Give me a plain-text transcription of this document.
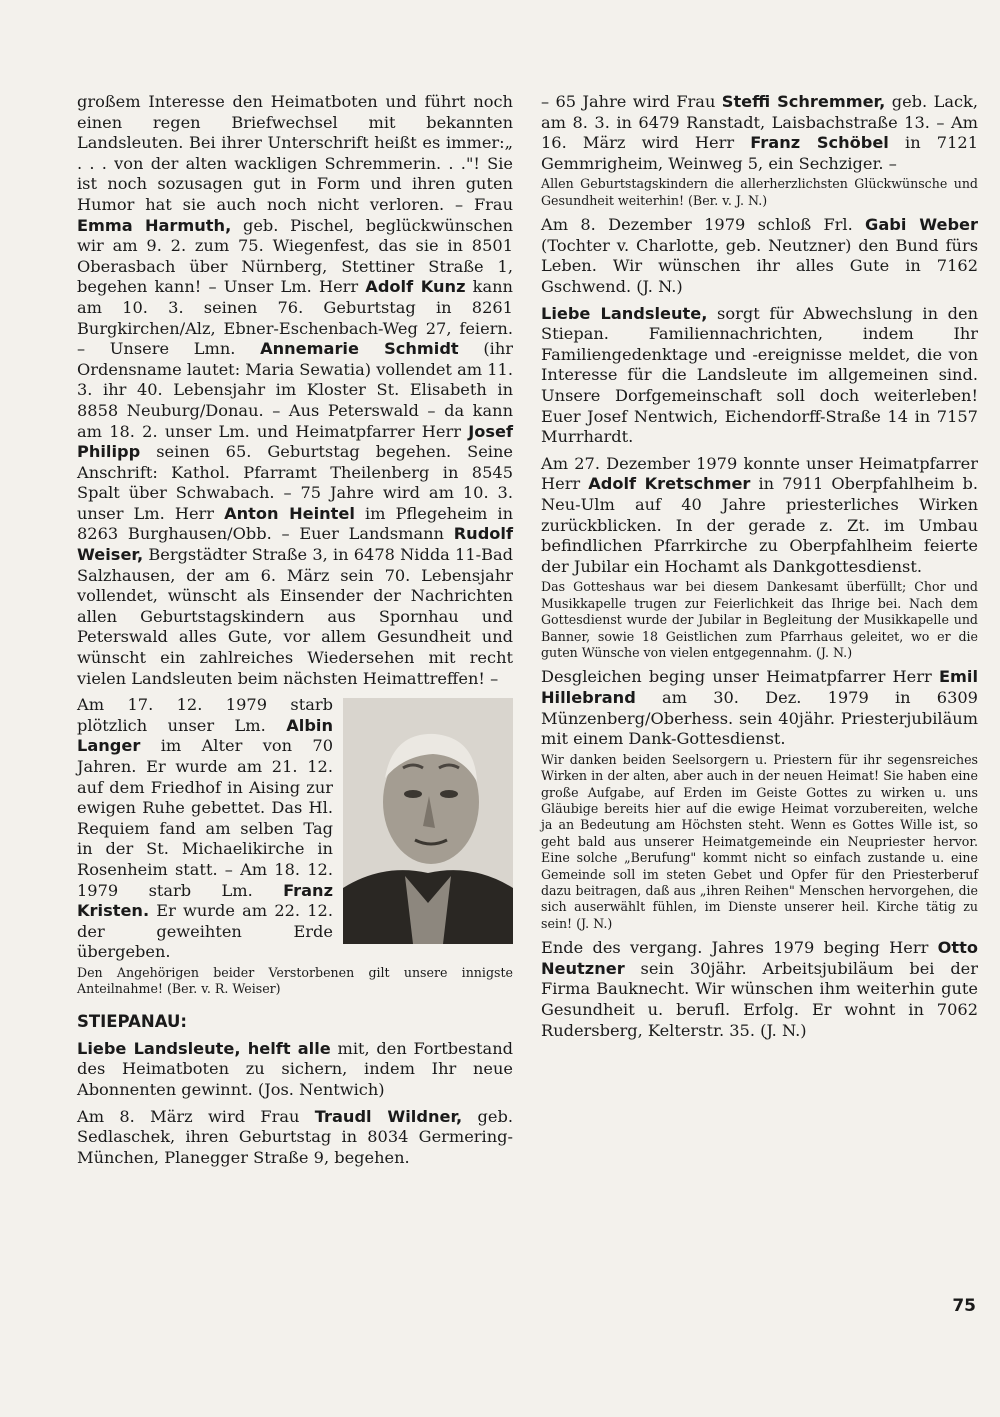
großem Interesse den Heimatboten und führt noch einen regen Briefwechsel mit bekannten Landsleuten. Bei ihrer Unterschrift heißt es immer:„ . . . von der alten wackligen Schremmerin. . ."! Sie ist noch sozusagen gut in Form und ihren guten Humor hat sie auch noch nicht verloren. – Frau Emma Harmuth, geb. Pischel, beglückwünschen wir am 9. 2. zum 75. Wiegenfest, das sie in 8501 Oberasbach über Nürnberg, Stettiner Straße 1, begehen kann! – Unser Lm. Herr Adolf Kunz kann am 10. 3. seinen 76. Geburtstag in 8261 Burgkirchen/Alz, Ebner-Eschenbach-Weg 27, feiern. – Unsere Lmn. Annemarie Schmidt (ihr Ordensname lautet: Maria Sewatia) vollendet am 11. 3. ihr 40. Lebensjahr im Kloster St. Elisabeth in 8858 Neuburg/Donau. – Aus Peterswald – da kann am 18. 2. unser Lm. und Heimatpfarrer Herr Josef Philipp seinen 65. Geburtstag begehen. Seine Anschrift: Kathol. Pfarramt Theilenberg in 8545 Spalt über Schwabach. – 75 Jahre wird am 10. 3. unser Lm. Herr Anton Heintel im Pflegeheim in 8263 Burghausen/Obb. – Euer Landsmann Rudolf Weiser, Bergstädter Straße 3, in 6478 Nidda 11-Bad Salzhausen, der am 6. März sein 70. Lebensjahr vollendet, wünscht als Einsender der Nachrichten allen Geburtstagskindern aus Spornhau und Peterswald alles Gute, vor allem Gesundheit und wünscht ein zahlreiches Wiedersehen mit recht vielen Landsleuten beim nächsten Heimattreffen! –

Am 17. 12. 1979 starb plötzlich unser Lm. Albin Langer im Alter von 70 Jahren. Er wurde am 21. 12. auf dem Friedhof in Aising zur ewigen Ruhe gebettet. Das Hl. Requiem fand am selben Tag in der St. Michaelikirche in Rosenheim statt. – Am 18. 12. 1979 starb Lm. Franz Kristen. Er wurde am 22. 12. der geweihten Erde übergeben.

Den Angehörigen beider Verstorbenen gilt unsere innigste Anteilnahme! (Ber. v. R. Weiser)

STIEPANAU:

Liebe Landsleute, helft alle mit, den Fortbestand des Heimatboten zu sichern, indem Ihr neue Abonnenten gewinnt. (Jos. Nentwich)

Am 8. März wird Frau Traudl Wildner, geb. Sedlaschek, ihren Geburtstag in 8034 Germering-München, Planegger Straße 9, begehen.

– 65 Jahre wird Frau Steffi Schremmer, geb. Lack, am 8. 3. in 6479 Ranstadt, Laisbachstraße 13. – Am 16. März wird Herr Franz Schöbel in 7121 Gemmrigheim, Weinweg 5, ein Sechziger. –

Allen Geburtstagskindern die allerherzlichsten Glückwünsche und Gesundheit weiterhin! (Ber. v. J. N.)

Am 8. Dezember 1979 schloß Frl. Gabi Weber (Tochter v. Charlotte, geb. Neutzner) den Bund fürs Leben. Wir wünschen ihr alles Gute in 7162 Gschwend. (J. N.)

Liebe Landsleute, sorgt für Abwechslung in den Stiepan. Familiennachrichten, indem Ihr Familiengedenktage und -ereignisse meldet, die von Interesse für die Landsleute im allgemeinen sind. Unsere Dorfgemeinschaft soll doch weiterleben! Euer Josef Nentwich, Eichendorff-Straße 14 in 7157 Murrhardt.

Am 27. Dezember 1979 konnte unser Heimatpfarrer Herr Adolf Kretschmer in 7911 Oberpfahlheim b. Neu-Ulm auf 40 Jahre priesterliches Wirken zurückblicken. In der gerade z. Zt. im Umbau befindlichen Pfarrkirche zu Oberpfahlheim feierte der Jubilar ein Hochamt als Dankgottesdienst.

Das Gotteshaus war bei diesem Dankesamt überfüllt; Chor und Musikkapelle trugen zur Feierlichkeit das Ihrige bei. Nach dem Gottesdienst wurde der Jubilar in Begleitung der Musikkapelle und Banner, sowie 18 Geistlichen zum Pfarrhaus geleitet, wo er die guten Wünsche von vielen entgegennahm. (J. N.)

Desgleichen beging unser Heimatpfarrer Herr Emil Hillebrand am 30. Dez. 1979 in 6309 Münzenberg/Oberhess. sein 40jähr. Priesterjubiläum mit einem Dank-Gottesdienst.

Wir danken beiden Seelsorgern u. Priestern für ihr segensreiches Wirken in der alten, aber auch in der neuen Heimat! Sie haben eine große Aufgabe, auf Erden im Geiste Gottes zu wirken u. uns Gläubige bereits hier auf die ewige Heimat vorzubereiten, welche ja an Bedeutung am Höchsten steht. Wenn es Gottes Wille ist, so geht bald aus unserer Heimatgemeinde ein Neupriester hervor. Eine solche „Berufung" kommt nicht so einfach zustande u. eine Gemeinde soll im steten Gebet und Opfer für den Priesterberuf dazu beitragen, daß aus „ihren Reihen" Menschen hervorgehen, die sich auserwählt fühlen, im Dienste unserer heil. Kirche tätig zu sein! (J. N.)

Ende des vergang. Jahres 1979 beging Herr Otto Neutzner sein 30jähr. Arbeitsjubiläum bei der Firma Bauknecht. Wir wünschen ihm weiterhin gute Gesundheit u. berufl. Erfolg. Er wohnt in 7062 Rudersberg, Kelterstr. 35. (J. N.)

75
